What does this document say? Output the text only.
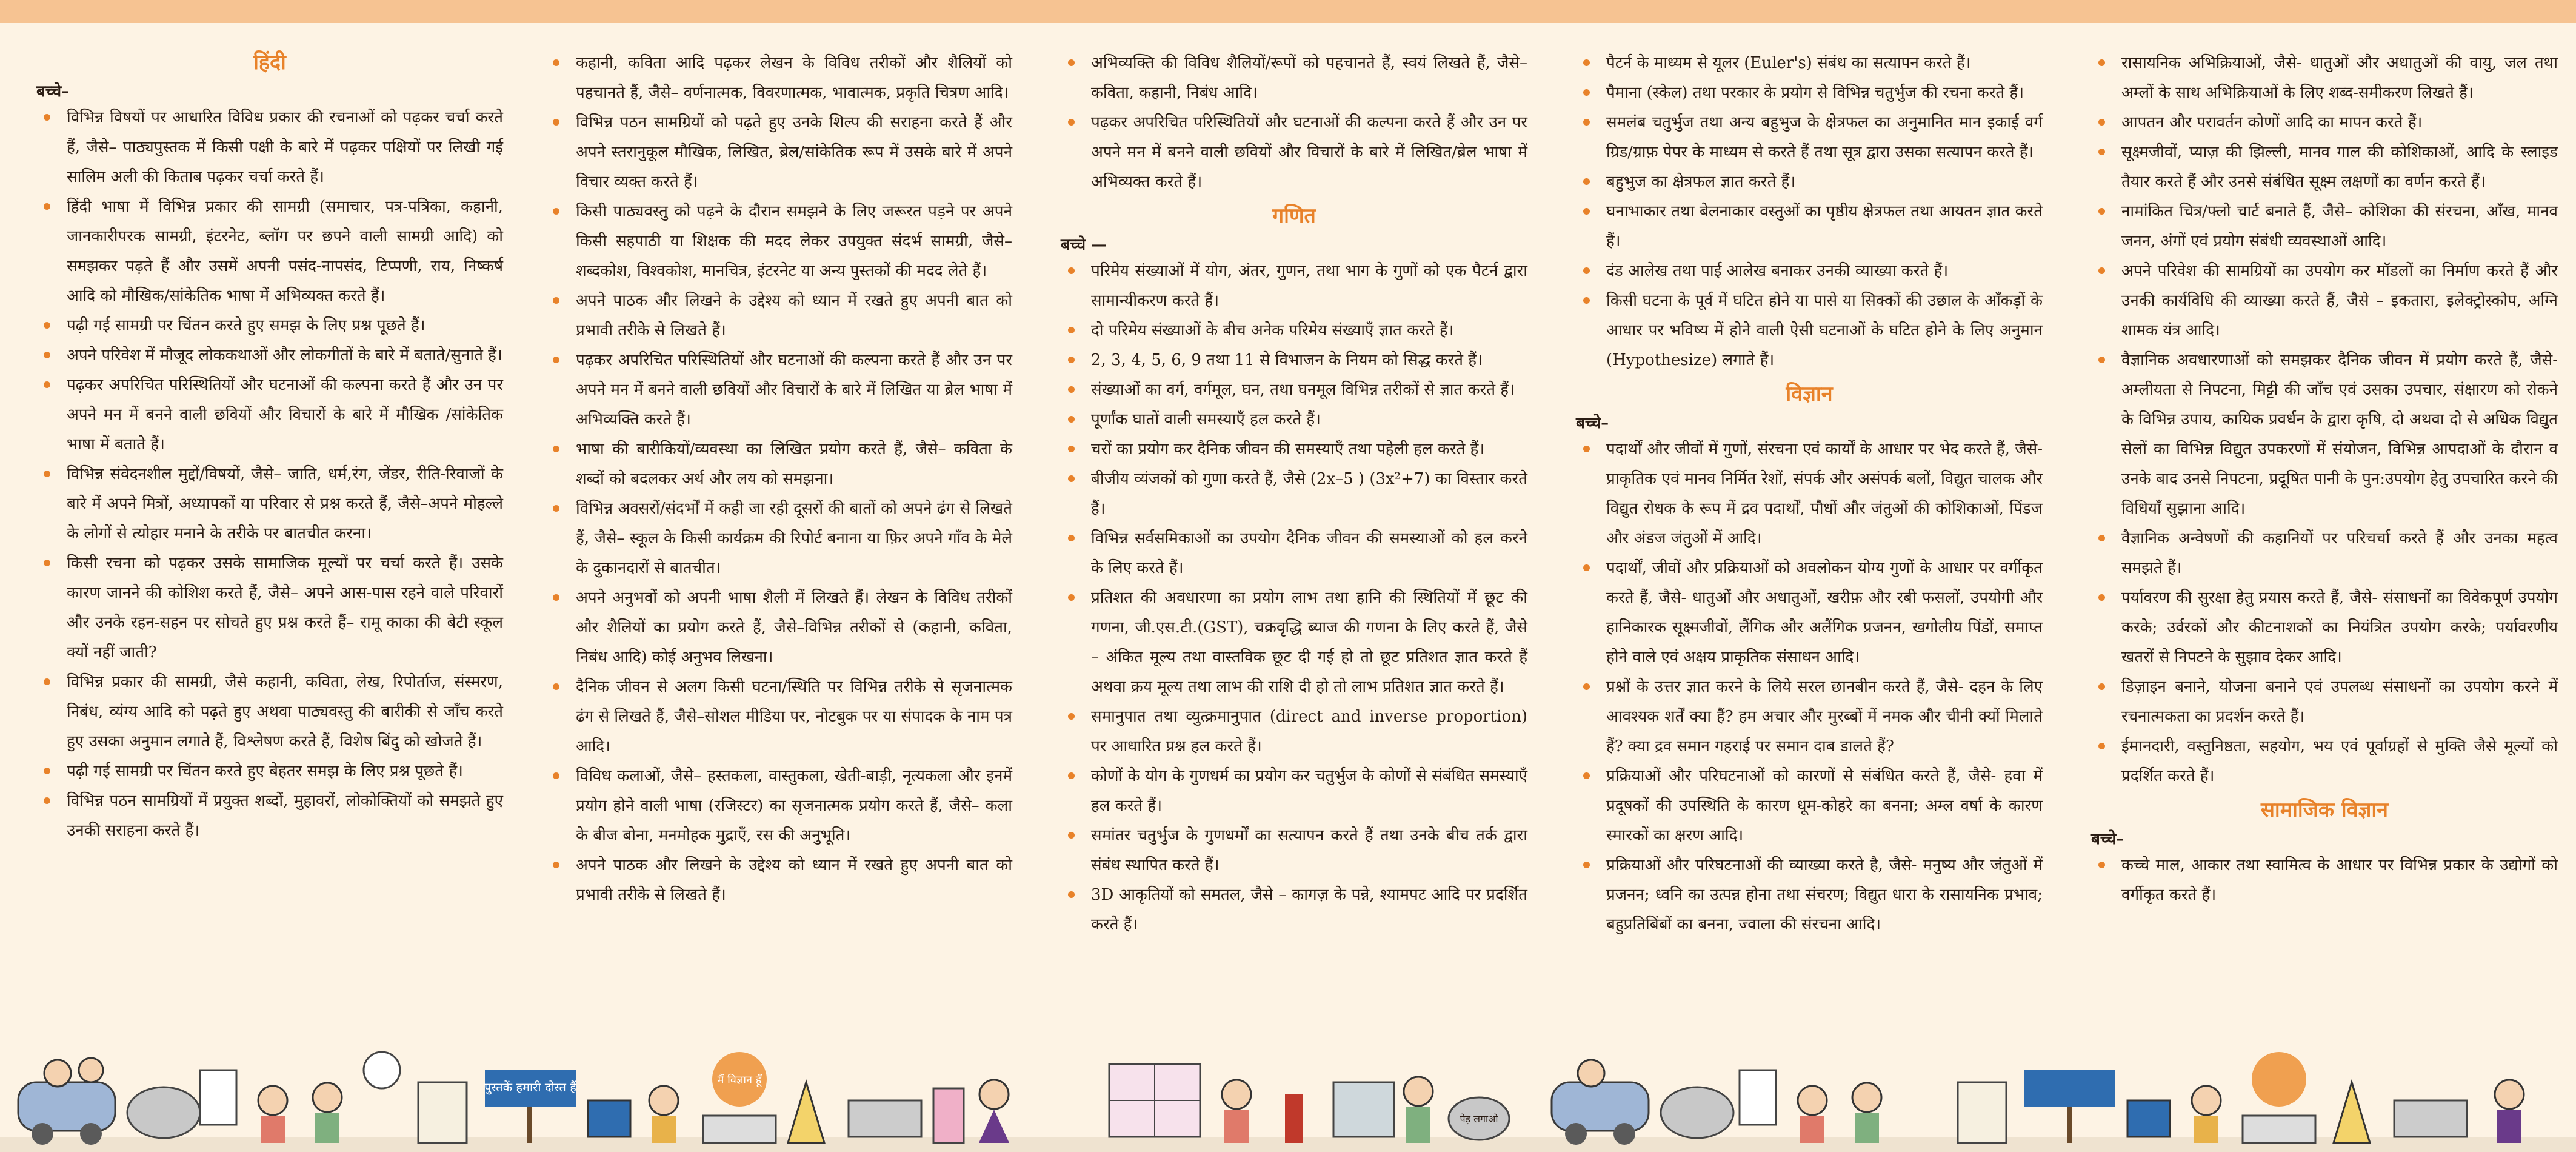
हिंदी

बच्चे–

विभिन्न विषयों पर आधारित विविध प्रकार की रचनाओं को पढ़कर चर्चा करते हैं, जैसे– पाठ्यपुस्तक में किसी पक्षी के बारे में पढ़कर पक्षियों पर लिखी गई सालिम अली की किताब पढ़कर चर्चा करते हैं।
हिंदी भाषा में विभिन्न प्रकार की सामग्री (समाचार, पत्र-पत्रिका, कहानी, जानकारीपरक सामग्री, इंटरनेट, ब्लॉग पर छपने वाली सामग्री आदि) को समझकर पढ़ते हैं और उसमें अपनी पसंद-नापसंद, टिप्पणी, राय, निष्कर्ष आदि को मौखिक/सांकेतिक भाषा में अभिव्यक्त करते हैं।
पढ़ी गई सामग्री पर चिंतन करते हुए समझ के लिए प्रश्न पूछते हैं।
अपने परिवेश में मौजूद लोककथाओं और लोकगीतों के बारे में बताते/सुनाते हैं।
पढ़कर अपरिचित परिस्थितियों और घटनाओं की कल्पना करते हैं और उन पर अपने मन में बनने वाली छवियों और विचारों के बारे में मौखिक /सांकेतिक भाषा में बताते हैं।
विभिन्न संवेदनशील मुद्दों/विषयों, जैसे– जाति, धर्म,रंग, जेंडर, रीति-रिवाजों के बारे में अपने मित्रों, अध्यापकों या परिवार से प्रश्न करते हैं, जैसे–अपने मोहल्ले के लोगों से त्योहार मनाने के तरीके पर बातचीत करना।
किसी रचना को पढ़कर उसके सामाजिक मूल्यों पर चर्चा करते हैं। उसके कारण जानने की कोशिश करते हैं, जैसे– अपने आस-पास रहने वाले परिवारों और उनके रहन-सहन पर सोचते हुए प्रश्न करते हैं– रामू काका की बेटी स्कूल क्यों नहीं जाती?
विभिन्न प्रकार की सामग्री, जैसे कहानी, कविता, लेख, रिपोर्ताज, संस्मरण, निबंध, व्यंग्य आदि को पढ़ते हुए अथवा पाठ्यवस्तु की बारीकी से जाँच करते हुए उसका अनुमान लगाते हैं, विश्लेषण करते हैं, विशेष बिंदु को खोजते हैं।
पढ़ी गई सामग्री पर चिंतन करते हुए बेहतर समझ के लिए प्रश्न पूछते हैं।
विभिन्न पठन सामग्रियों में प्रयुक्त शब्दों, मुहावरों, लोकोक्तियों को समझते हुए उनकी सराहना करते हैं।
कहानी, कविता आदि पढ़कर लेखन के विविध तरीकों और शैलियों को पहचानते हैं, जैसे– वर्णनात्मक, विवरणात्मक, भावात्मक, प्रकृति चित्रण आदि।
विभिन्न पठन सामग्रियों को पढ़ते हुए उनके शिल्प की सराहना करते हैं और अपने स्तरानुकूल मौखिक, लिखित, ब्रेल/सांकेतिक रूप में उसके बारे में अपने विचार व्यक्त करते हैं।
किसी पाठ्यवस्तु को पढ़ने के दौरान समझने के लिए जरूरत पड़ने पर अपने किसी सहपाठी या शिक्षक की मदद लेकर उपयुक्त संदर्भ सामग्री, जैसे– शब्दकोश, विश्वकोश, मानचित्र, इंटरनेट या अन्य पुस्तकों की मदद लेते हैं।
अपने पाठक और लिखने के उद्देश्य को ध्यान में रखते हुए अपनी बात को प्रभावी तरीके से लिखते हैं।
पढ़कर अपरिचित परिस्थितियों और घटनाओं की कल्पना करते हैं और उन पर अपने मन में बनने वाली छवियों और विचारों के बारे में लिखित या ब्रेल भाषा में अभिव्यक्ति करते हैं।
भाषा की बारीकियों/व्यवस्था का लिखित प्रयोग करते हैं, जैसे– कविता के शब्दों को बदलकर अर्थ और लय को समझना।
विभिन्न अवसरों/संदर्भों में कही जा रही दूसरों की बातों को अपने ढंग से लिखते हैं, जैसे– स्कूल के किसी कार्यक्रम की रिपोर्ट बनाना या फ़िर अपने गाँव के मेले के दुकानदारों से बातचीत।
अपने अनुभवों को अपनी भाषा शैली में लिखते हैं। लेखन के विविध तरीकों और शैलियों का प्रयोग करते हैं, जैसे–विभिन्न तरीकों से (कहानी, कविता, निबंध आदि) कोई अनुभव लिखना।
दैनिक जीवन से अलग किसी घटना/स्थिति पर विभिन्न तरीके से सृजनात्मक ढंग से लिखते हैं, जैसे–सोशल मीडिया पर, नोटबुक पर या संपादक के नाम पत्र आदि।
विविध कलाओं, जैसे– हस्तकला, वास्तुकला, खेती-बाड़ी, नृत्यकला और इनमें प्रयोग होने वाली भाषा (रजिस्टर) का सृजनात्मक प्रयोग करते हैं, जैसे– कला के बीज बोना, मनमोहक मुद्राएँ, रस की अनुभूति।
अपने पाठक और लिखने के उद्देश्य को ध्यान में रखते हुए अपनी बात को प्रभावी तरीके से लिखते हैं।
अभिव्यक्ति की विविध शैलियों/रूपों को पहचानते हैं, स्वयं लिखते हैं, जैसे– कविता, कहानी, निबंध आदि।
पढ़कर अपरिचित परिस्थितियों और घटनाओं की कल्पना करते हैं और उन पर अपने मन में बनने वाली छवियों और विचारों के बारे में लिखित/ब्रेल भाषा में अभिव्यक्त करते हैं।
गणित

बच्चे —

परिमेय संख्याओं में योग, अंतर, गुणन, तथा भाग के गुणों को एक पैटर्न द्वारा सामान्यीकरण करते हैं।
दो परिमेय संख्याओं के बीच अनेक परिमेय संख्याएँ ज्ञात करते हैं।
2, 3, 4, 5, 6, 9 तथा 11 से विभाजन के नियम को सिद्ध करते हैं।
संख्याओं का वर्ग, वर्गमूल, घन, तथा घनमूल विभिन्न तरीकों से ज्ञात करते हैं।
पूर्णांक घातों वाली समस्याएँ हल करते हैं।
चरों का प्रयोग कर दैनिक जीवन की समस्याएँ तथा पहेली हल करते हैं।
बीजीय व्यंजकों को गुणा करते हैं, जैसे (2x–5 ) (3x²+7) का विस्तार करते हैं।
विभिन्न सर्वसमिकाओं का उपयोग दैनिक जीवन की समस्याओं को हल करने के लिए करते हैं।
प्रतिशत की अवधारणा का प्रयोग लाभ तथा हानि की स्थितियों में छूट की गणना, जी.एस.टी.(GST), चक्रवृद्धि ब्याज की गणना के लिए करते हैं, जैसे – अंकित मूल्य तथा वास्तविक छूट दी गई हो तो छूट प्रतिशत ज्ञात करते हैं अथवा क्रय मूल्य तथा लाभ की राशि दी हो तो लाभ प्रतिशत ज्ञात करते हैं।
समानुपात तथा व्युत्क्रमानुपात (direct and inverse proportion) पर आधारित प्रश्न हल करते हैं।
कोणों के योग के गुणधर्म का प्रयोग कर चतुर्भुज के कोणों से संबंधित समस्याएँ हल करते हैं।
समांतर चतुर्भुज के गुणधर्मों का सत्यापन करते हैं तथा उनके बीच तर्क द्वारा संबंध स्थापित करते हैं।
3D आकृतियों को समतल, जैसे – कागज़ के पन्ने, श्यामपट आदि पर प्रदर्शित करते हैं।
पैटर्न के माध्यम से यूलर (Euler's) संबंध का सत्यापन करते हैं।
पैमाना (स्केल) तथा परकार के प्रयोग से विभिन्न चतुर्भुज की रचना करते हैं।
समलंब चतुर्भुज तथा अन्य बहुभुज के क्षेत्रफल का अनुमानित मान इकाई वर्ग ग्रिड/ग्राफ़ पेपर के माध्यम से करते हैं तथा सूत्र द्वारा उसका सत्यापन करते हैं।
बहुभुज का क्षेत्रफल ज्ञात करते हैं।
घनाभाकार तथा बेलनाकार वस्तुओं का पृष्ठीय क्षेत्रफल तथा आयतन ज्ञात करते हैं।
दंड आलेख तथा पाई आलेख बनाकर उनकी व्याख्या करते हैं।
किसी घटना के पूर्व में घटित होने या पासे या सिक्कों की उछाल के आँकड़ों के आधार पर भविष्य में होने वाली ऐसी घटनाओं के घटित होने के लिए अनुमान (Hypothesize) लगाते हैं।
विज्ञान

बच्चे–

पदार्थों और जीवों में गुणों, संरचना एवं कार्यों के आधार पर भेद करते हैं, जैसे- प्राकृतिक एवं मानव निर्मित रेशों, संपर्क और असंपर्क बलों, विद्युत चालक और विद्युत रोधक के रूप में द्रव पदार्थों, पौधों और जंतुओं की कोशिकाओं, पिंडज और अंडज जंतुओं में आदि।
पदार्थों, जीवों और प्रक्रियाओं को अवलोकन योग्य गुणों के आधार पर वर्गीकृत करते हैं, जैसे- धातुओं और अधातुओं, खरीफ़ और रबी फसलों, उपयोगी और हानिकारक सूक्ष्मजीवों, लैंगिक और अलैंगिक प्रजनन, खगोलीय पिंडों, समाप्त होने वाले एवं अक्षय प्राकृतिक संसाधन आदि।
प्रश्नों के उत्तर ज्ञात करने के लिये सरल छानबीन करते हैं, जैसे- दहन के लिए आवश्यक शर्तें क्या हैं? हम अचार और मुरब्बों में नमक और चीनी क्यों मिलाते हैं? क्या द्रव समान गहराई पर समान दाब डालते हैं?
प्रक्रियाओं और परिघटनाओं को कारणों से संबंधित करते हैं, जैसे- हवा में प्रदूषकों की उपस्थिति के कारण धूम-कोहरे का बनना; अम्ल वर्षा के कारण स्मारकों का क्षरण आदि।
प्रक्रियाओं और परिघटनाओं की व्याख्या करते है, जैसे- मनुष्य और जंतुओं में प्रजनन; ध्वनि का उत्पन्न होना तथा संचरण; विद्युत धारा के रासायनिक प्रभाव; बहुप्रतिबिंबों का बनना, ज्वाला की संरचना आदि।
रासायनिक अभिक्रियाओं, जैसे- धातुओं और अधातुओं की वायु, जल तथा अम्लों के साथ अभिक्रियाओं के लिए शब्द-समीकरण लिखते हैं।
आपतन और परावर्तन कोणों आदि का मापन करते हैं।
सूक्ष्मजीवों, प्याज़ की झिल्ली, मानव गाल की कोशिकाओं, आदि के स्लाइड तैयार करते हैं और उनसे संबंधित सूक्ष्म लक्षणों का वर्णन करते हैं।
नामांकित चित्र/फ्लो चार्ट बनाते हैं, जैसे– कोशिका की संरचना, आँख, मानव जनन, अंगों एवं प्रयोग संबंधी व्यवस्थाओं आदि।
अपने परिवेश की सामग्रियों का उपयोग कर मॉडलों का निर्माण करते हैं और उनकी कार्यविधि की व्याख्या करते हैं, जैसे – इकतारा, इलेक्ट्रोस्कोप, अग्नि शामक यंत्र आदि।
वैज्ञानिक अवधारणाओं को समझकर दैनिक जीवन में प्रयोग करते हैं, जैसे- अम्लीयता से निपटना, मिट्टी की जाँच एवं उसका उपचार, संक्षारण को रोकने के विभिन्न उपाय, कायिक प्रवर्धन के द्वारा कृषि, दो अथवा दो से अधिक विद्युत सेलों का विभिन्न विद्युत उपकरणों में संयोजन, विभिन्न आपदाओं के दौरान व उनके बाद उनसे निपटना, प्रदूषित पानी के पुन:उपयोग हेतु उपचारित करने की विधियाँ सुझाना आदि।
वैज्ञानिक अन्वेषणों की कहानियों पर परिचर्चा करते हैं और उनका महत्व समझते हैं।
पर्यावरण की सुरक्षा हेतु प्रयास करते हैं, जैसे- संसाधनों का विवेकपूर्ण उपयोग करके; उर्वरकों और कीटनाशकों का नियंत्रित उपयोग करके; पर्यावरणीय खतरों से निपटने के सुझाव देकर आदि।
डिज़ाइन बनाने, योजना बनाने एवं उपलब्ध संसाधनों का उपयोग करने में रचनात्मकता का प्रदर्शन करते हैं।
ईमानदारी, वस्तुनिष्ठता, सहयोग, भय एवं पूर्वाग्रहों से मुक्ति जैसे मूल्यों को प्रदर्शित करते हैं।
सामाजिक विज्ञान

बच्चे–

कच्चे माल, आकार तथा स्वामित्व के आधार पर विभिन्न प्रकार के उद्योगों को वर्गीकृत करते हैं।
पुस्तकें हमारी दोस्त हैं	मैं विज्ञान हूँ
पेड़ लगाओ
